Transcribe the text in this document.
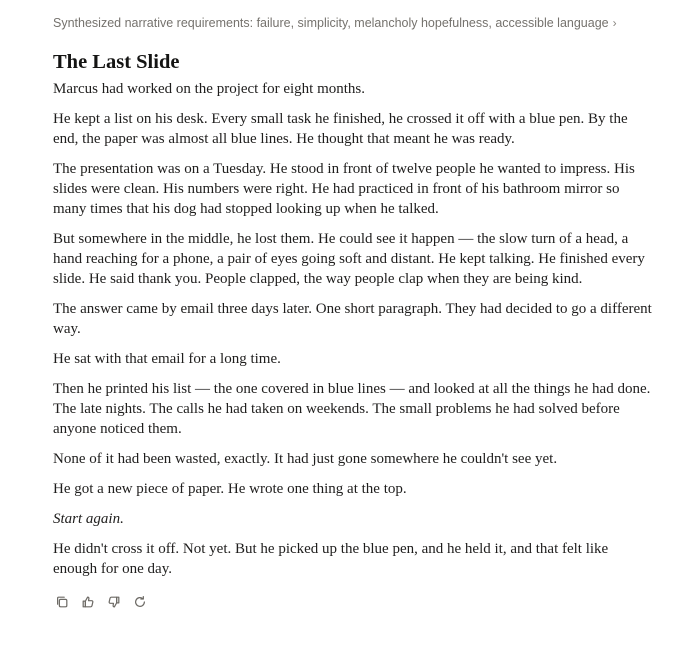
Synthesized narrative requirements: failure, simplicity, melancholy hopefulness, accessible language ›
The Last Slide

Marcus had worked on the project for eight months.

He kept a list on his desk. Every small task he finished, he crossed it off with a blue pen. By the end, the paper was almost all blue lines. He thought that meant he was ready.

The presentation was on a Tuesday. He stood in front of twelve people he wanted to impress. His slides were clean. His numbers were right. He had practiced in front of his bathroom mirror so many times that his dog had stopped looking up when he talked.

But somewhere in the middle, he lost them. He could see it happen — the slow turn of a head, a hand reaching for a phone, a pair of eyes going soft and distant. He kept talking. He finished every slide. He said thank you. People clapped, the way people clap when they are being kind.

The answer came by email three days later. One short paragraph. They had decided to go a different way.

He sat with that email for a long time.

Then he printed his list — the one covered in blue lines — and looked at all the things he had done. The late nights. The calls he had taken on weekends. The small problems he had solved before anyone noticed them.

None of it had been wasted, exactly. It had just gone somewhere he couldn't see yet.

He got a new piece of paper. He wrote one thing at the top.

Start again.

He didn't cross it off. Not yet. But he picked up the blue pen, and he held it, and that felt like enough for one day.
